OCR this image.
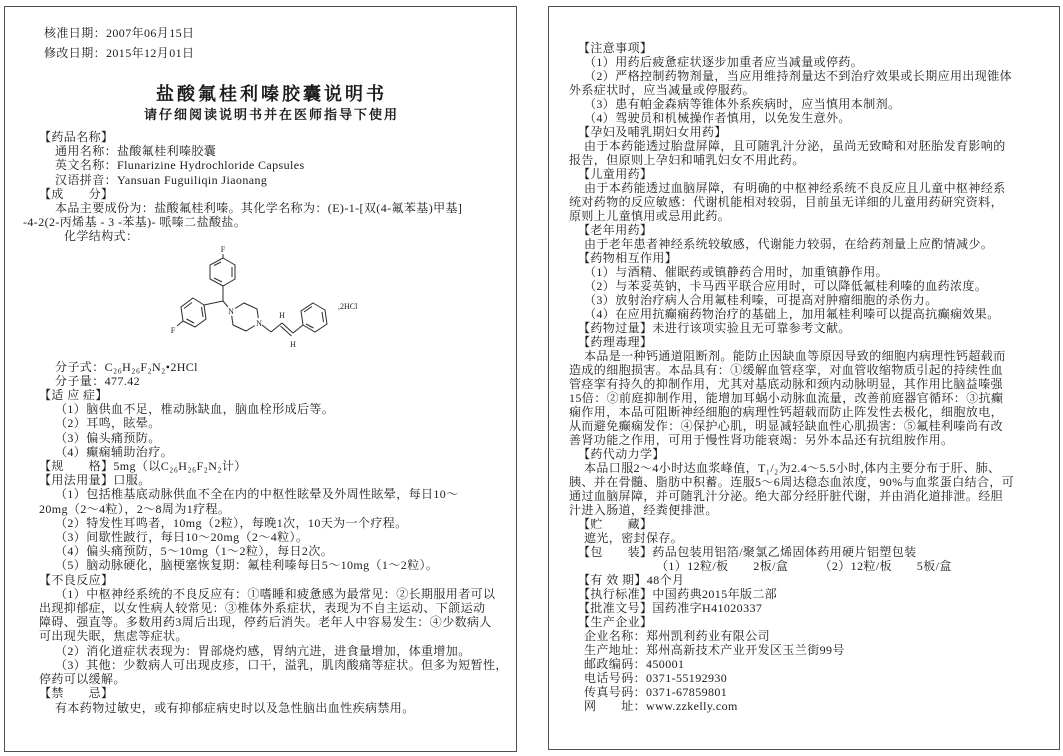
核准日期：2007年06月15日
修改日期：2015年12月01日
盐酸氟桂利嗪胶囊说明书
请仔细阅读说明书并在医师指导下使用
【药品名称】
通用名称：盐酸氟桂利嗪胶囊
英文名称：Flunarizine Hydrochloride Capsules
汉语拼音：Yansuan Fuguiliqin Jiaonang
【成　　分】
本品主要成份为：盐酸氟桂利嗪。其化学名称为：(E)-1-[双(4-氟苯基)甲基]
-4-2(2-丙烯基 - 3 -苯基)- 哌嗪二盐酸盐。
化学结构式：
F
F
N
N
H
H
,2HCl
分子式：C₂₆H₂₆F₂N₂•2HCl
分子量：477.42
【适 应 症】
（1）脑供血不足，椎动脉缺血，脑血栓形成后等。
（2）耳鸣，眩晕。
（3）偏头痛预防。
（4）癫痫辅助治疗。
【规　　格】5mg（以C₂₆H₂₆F₂N₂计）
【用法用量】口服。
（1）包括椎基底动脉供血不全在内的中枢性眩晕及外周性眩晕，每日10～
20mg（2～4粒），2～8周为1疗程。
（2）特发性耳鸣者，10mg（2粒），每晚1次，10天为一个疗程。
（3）间歇性跛行，每日10～20mg（2～4粒）。
（4）偏头痛预防，5～10mg（1～2粒），每日2次。
（5）脑动脉硬化，脑梗塞恢复期：氟桂利嗪每日5～10mg（1～2粒）。
【不良反应】
（1）中枢神经系统的不良反应有：①嗜睡和疲惫感为最常见：②长期服用者可以
出现抑郁症，以女性病人较常见：③椎体外系症状，表现为不自主运动、下颌运动
障碍、强直等。多数用药3周后出现，停药后消失。老年人中容易发生：④少数病人
可出现失眠，焦虑等症状。
（2）消化道症状表现为：胃部烧灼感，胃纳亢进，进食量增加，体重增加。
（3）其他：少数病人可出现皮疹，口干，溢乳，肌肉酸痛等症状。但多为短暂性，
停药可以缓解。
【禁　　忌】
有本药物过敏史，或有抑郁症病史时以及急性脑出血性疾病禁用。
【注意事项】
（1）用药后疲惫症状逐步加重者应当减量或停药。
（2）严格控制药物剂量，当应用维持剂量达不到治疗效果或长期应用出现锥体
外系症状时，应当减量或停服药。
（3）患有帕金森病等锥体外系疾病时，应当慎用本制剂。
（4）驾驶员和机械操作者慎用，以免发生意外。
【孕妇及哺乳期妇女用药】
由于本药能透过胎盘屏障，且可随乳汁分泌，虽尚无致畸和对胚胎发育影响的
报告，但原则上孕妇和哺乳妇女不用此药。
【儿童用药】
由于本药能透过血脑屏障，有明确的中枢神经系统不良反应且儿童中枢神经系
统对药物的反应敏感：代谢机能相对较弱，目前虽无详细的儿童用药研究资料，
原则上儿童慎用或忌用此药。
【老年用药】
由于老年患者神经系统较敏感，代谢能力较弱，在给药剂量上应酌情减少。
【药物相互作用】
（1）与酒精、催眠药或镇静药合用时，加重镇静作用。
（2）与苯妥英钠，卡马西平联合应用时，可以降低氟桂利嗪的血药浓度。
（3）放射治疗病人合用氟桂利嗪，可提高对肿瘤细胞的杀伤力。
（4）在应用抗癫痫药物治疗的基础上，加用氟桂利嗪可以提高抗癫痫效果。
【药物过量】未进行该项实验且无可靠参考文献。
【药理毒理】
本品是一种钙通道阻断剂。能防止因缺血等原因导致的细胞内病理性钙超载而
造成的细胞损害。本品具有：①缓解血管痉挛，对血管收缩物质引起的持续性血
管痉挛有持久的抑制作用，尤其对基底动脉和颈内动脉明显，其作用比脑益嗪强
15倍：②前庭抑制作用，能增加耳蜗小动脉血流量，改善前庭器官循环：③抗癫
痫作用，本品可阻断神经细胞的病理性钙超载而防止阵发性去极化，细胞放电，
从而避免癫痫发作：④保护心肌，明显减轻缺血性心肌损害：⑤氟桂利嗪尚有改
善肾功能之作用，可用于慢性肾功能衰竭：另外本品还有抗组胺作用。
【药代动力学】
本品口服2～4小时达血浆峰值，T₁/₂为2.4～5.5小时,体内主要分布于肝、肺、
胰、并在骨髓、脂肪中积蓄。连服5～6周达稳态血浓度，90%与血浆蛋白结合，可
通过血脑屏障，并可随乳汁分泌。绝大部分经肝脏代谢，并由消化道排泄。经胆
汁进入肠道，经粪便排泄。
【贮　　藏】
遮光，密封保存。
【包　　装】药品包装用铝箔/聚氯乙烯固体药用硬片铝塑包装
（1）12粒/板　　2板/盒　　　（2）12粒/板　　5板/盒
【有 效 期】48个月
【执行标准】中国药典2015年版二部
【批准文号】国药准字H41020337
【生产企业】
企业名称：郑州凯利药业有限公司
生产地址：郑州高新技术产业开发区玉兰街99号
邮政编码：450001
电话号码：0371-55192930
传真号码：0371-67859801
网　　址：www.zzkelly.com
